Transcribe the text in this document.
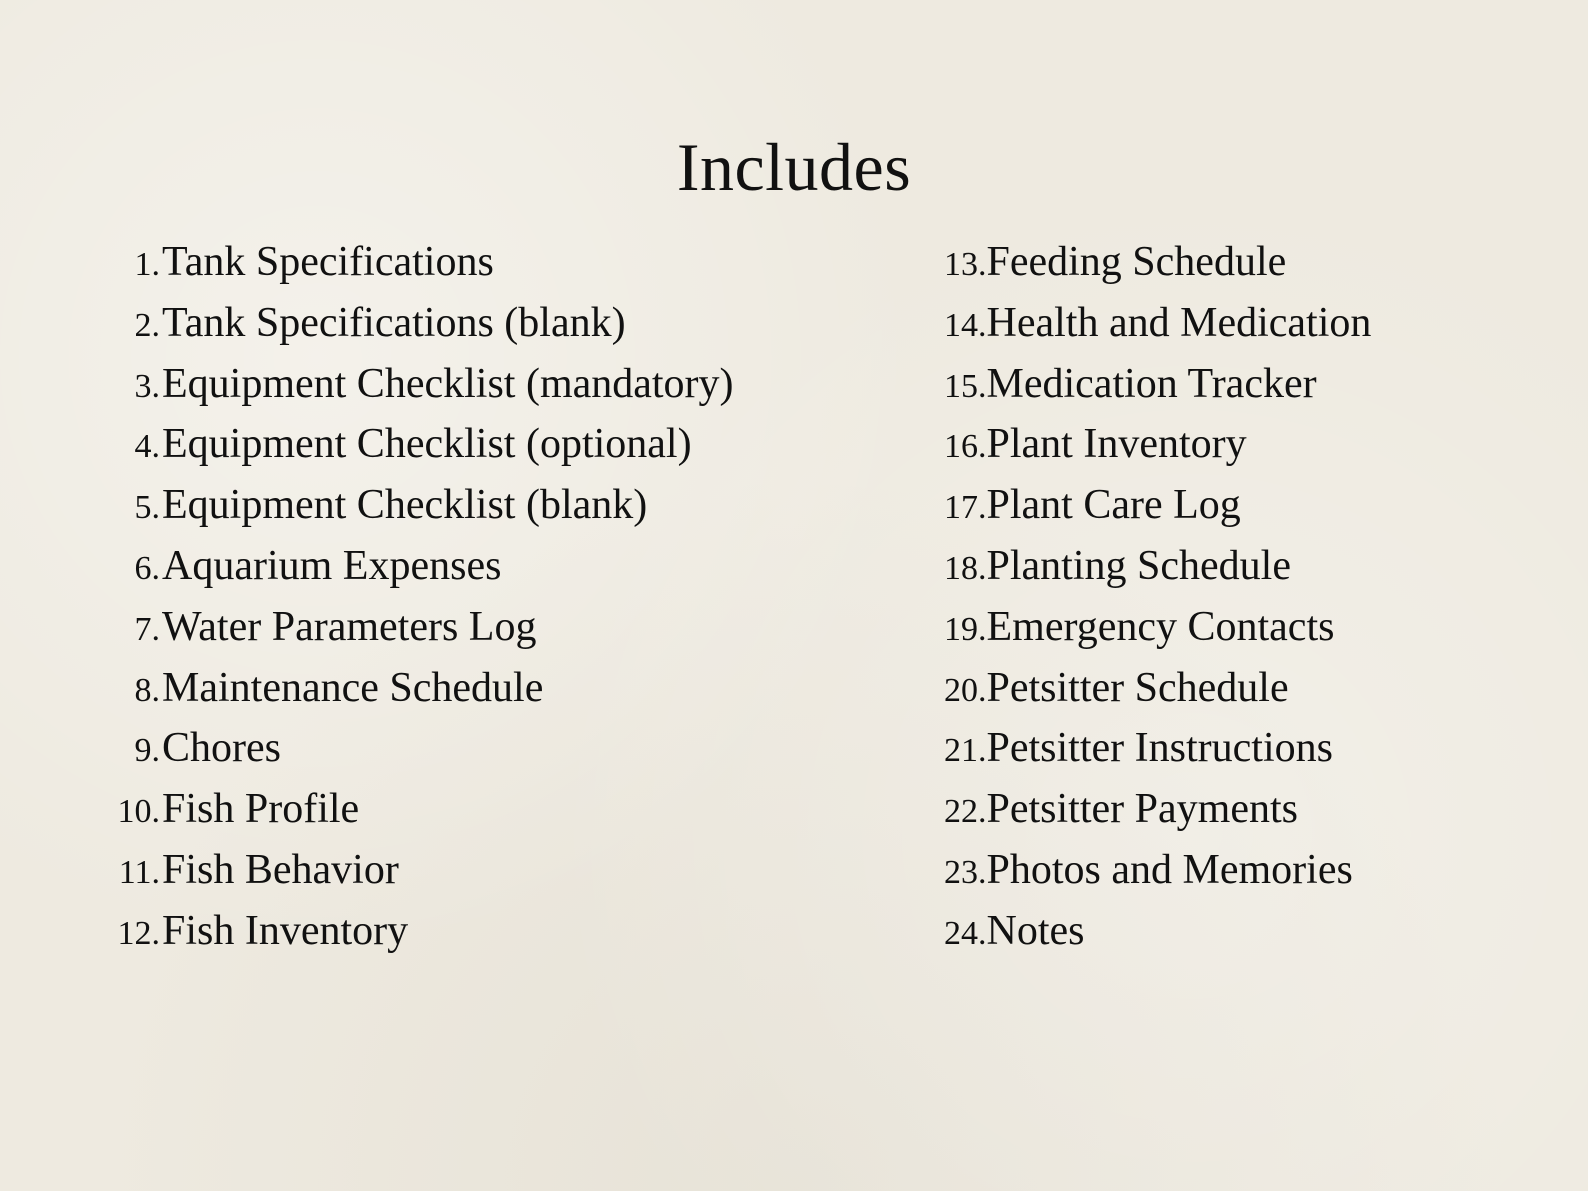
Includes
1. Tank Specifications
2. Tank Specifications (blank)
3. Equipment Checklist (mandatory)
4. Equipment Checklist (optional)
5. Equipment Checklist (blank)
6. Aquarium Expenses
7. Water Parameters Log
8. Maintenance Schedule
9. Chores
10. Fish Profile
11. Fish Behavior
12. Fish Inventory
13. Feeding Schedule
14. Health and Medication
15. Medication Tracker
16. Plant Inventory
17. Plant Care Log
18. Planting Schedule
19. Emergency Contacts
20. Petsitter Schedule
21. Petsitter Instructions
22. Petsitter Payments
23. Photos and Memories
24. Notes
